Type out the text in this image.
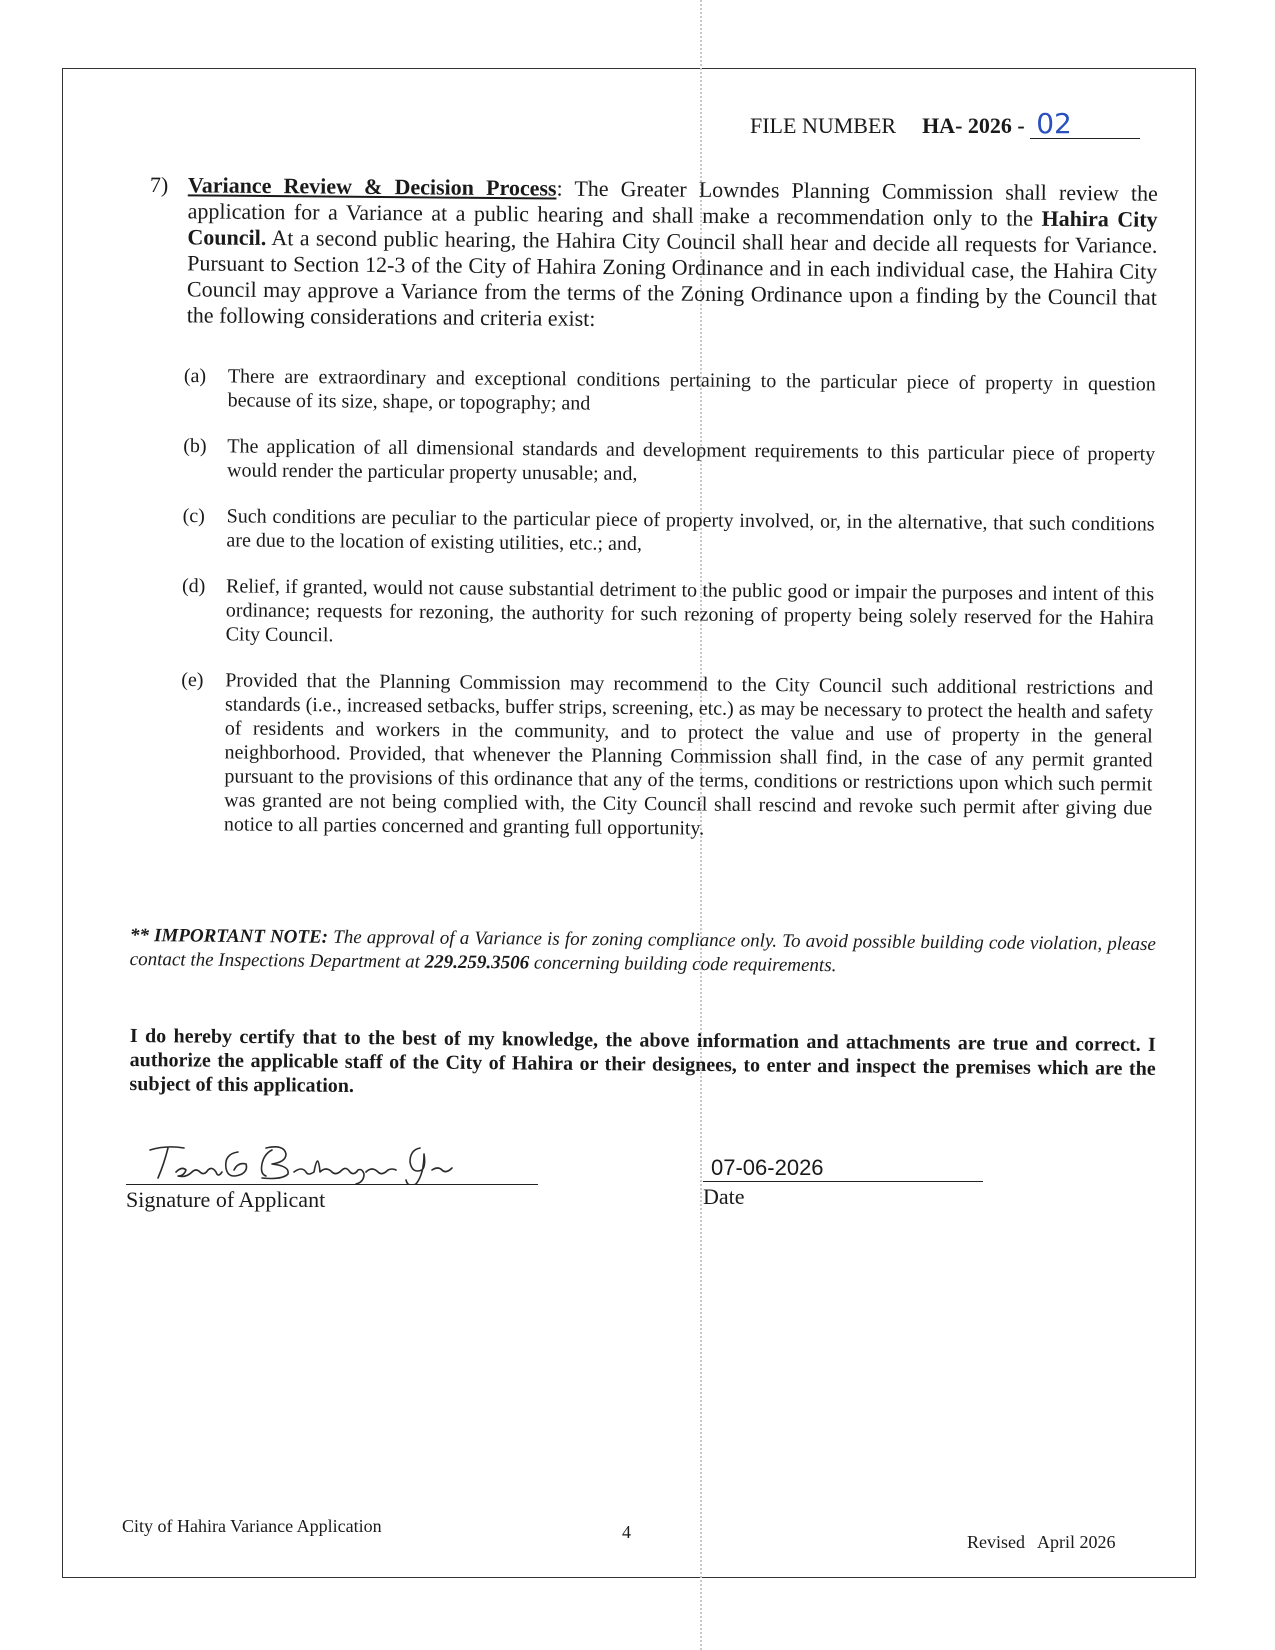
FILE NUMBER HA- 2026 - 02
7) Variance Review & Decision Process: The Greater Lowndes Planning Commission shall review the application for a Variance at a public hearing and shall make a recommendation only to the Hahira City Council. At a second public hearing, the Hahira City Council shall hear and decide all requests for Variance. Pursuant to Section 12-3 of the City of Hahira Zoning Ordinance and in each individual case, the Hahira City Council may approve a Variance from the terms of the Zoning Ordinance upon a finding by the Council that the following considerations and criteria exist:
(a) There are extraordinary and exceptional conditions pertaining to the particular piece of property in question because of its size, shape, or topography; and
(b) The application of all dimensional standards and development requirements to this particular piece of property would render the particular property unusable; and,
(c) Such conditions are peculiar to the particular piece of property involved, or, in the alternative, that such conditions are due to the location of existing utilities, etc.; and,
(d) Relief, if granted, would not cause substantial detriment to the public good or impair the purposes and intent of this ordinance; requests for rezoning, the authority for such rezoning of property being solely reserved for the Hahira City Council.
(e) Provided that the Planning Commission may recommend to the City Council such additional restrictions and standards (i.e., increased setbacks, buffer strips, screening, etc.) as may be necessary to protect the health and safety of residents and workers in the community, and to protect the value and use of property in the general neighborhood. Provided, that whenever the Planning Commission shall find, in the case of any permit granted pursuant to the provisions of this ordinance that any of the terms, conditions or restrictions upon which such permit was granted are not being complied with, the City Council shall rescind and revoke such permit after giving due notice to all parties concerned and granting full opportunity.
** IMPORTANT NOTE: The approval of a Variance is for zoning compliance only. To avoid possible building code violation, please contact the Inspections Department at 229.259.3506 concerning building code requirements.
I do hereby certify that to the best of my knowledge, the above information and attachments are true and correct. I authorize the applicable staff of the City of Hahira or their designees, to enter and inspect the premises which are the subject of this application.
Signature of Applicant
07-06-2026
Date
City of Hahira Variance Application	4	Revised April 2026
